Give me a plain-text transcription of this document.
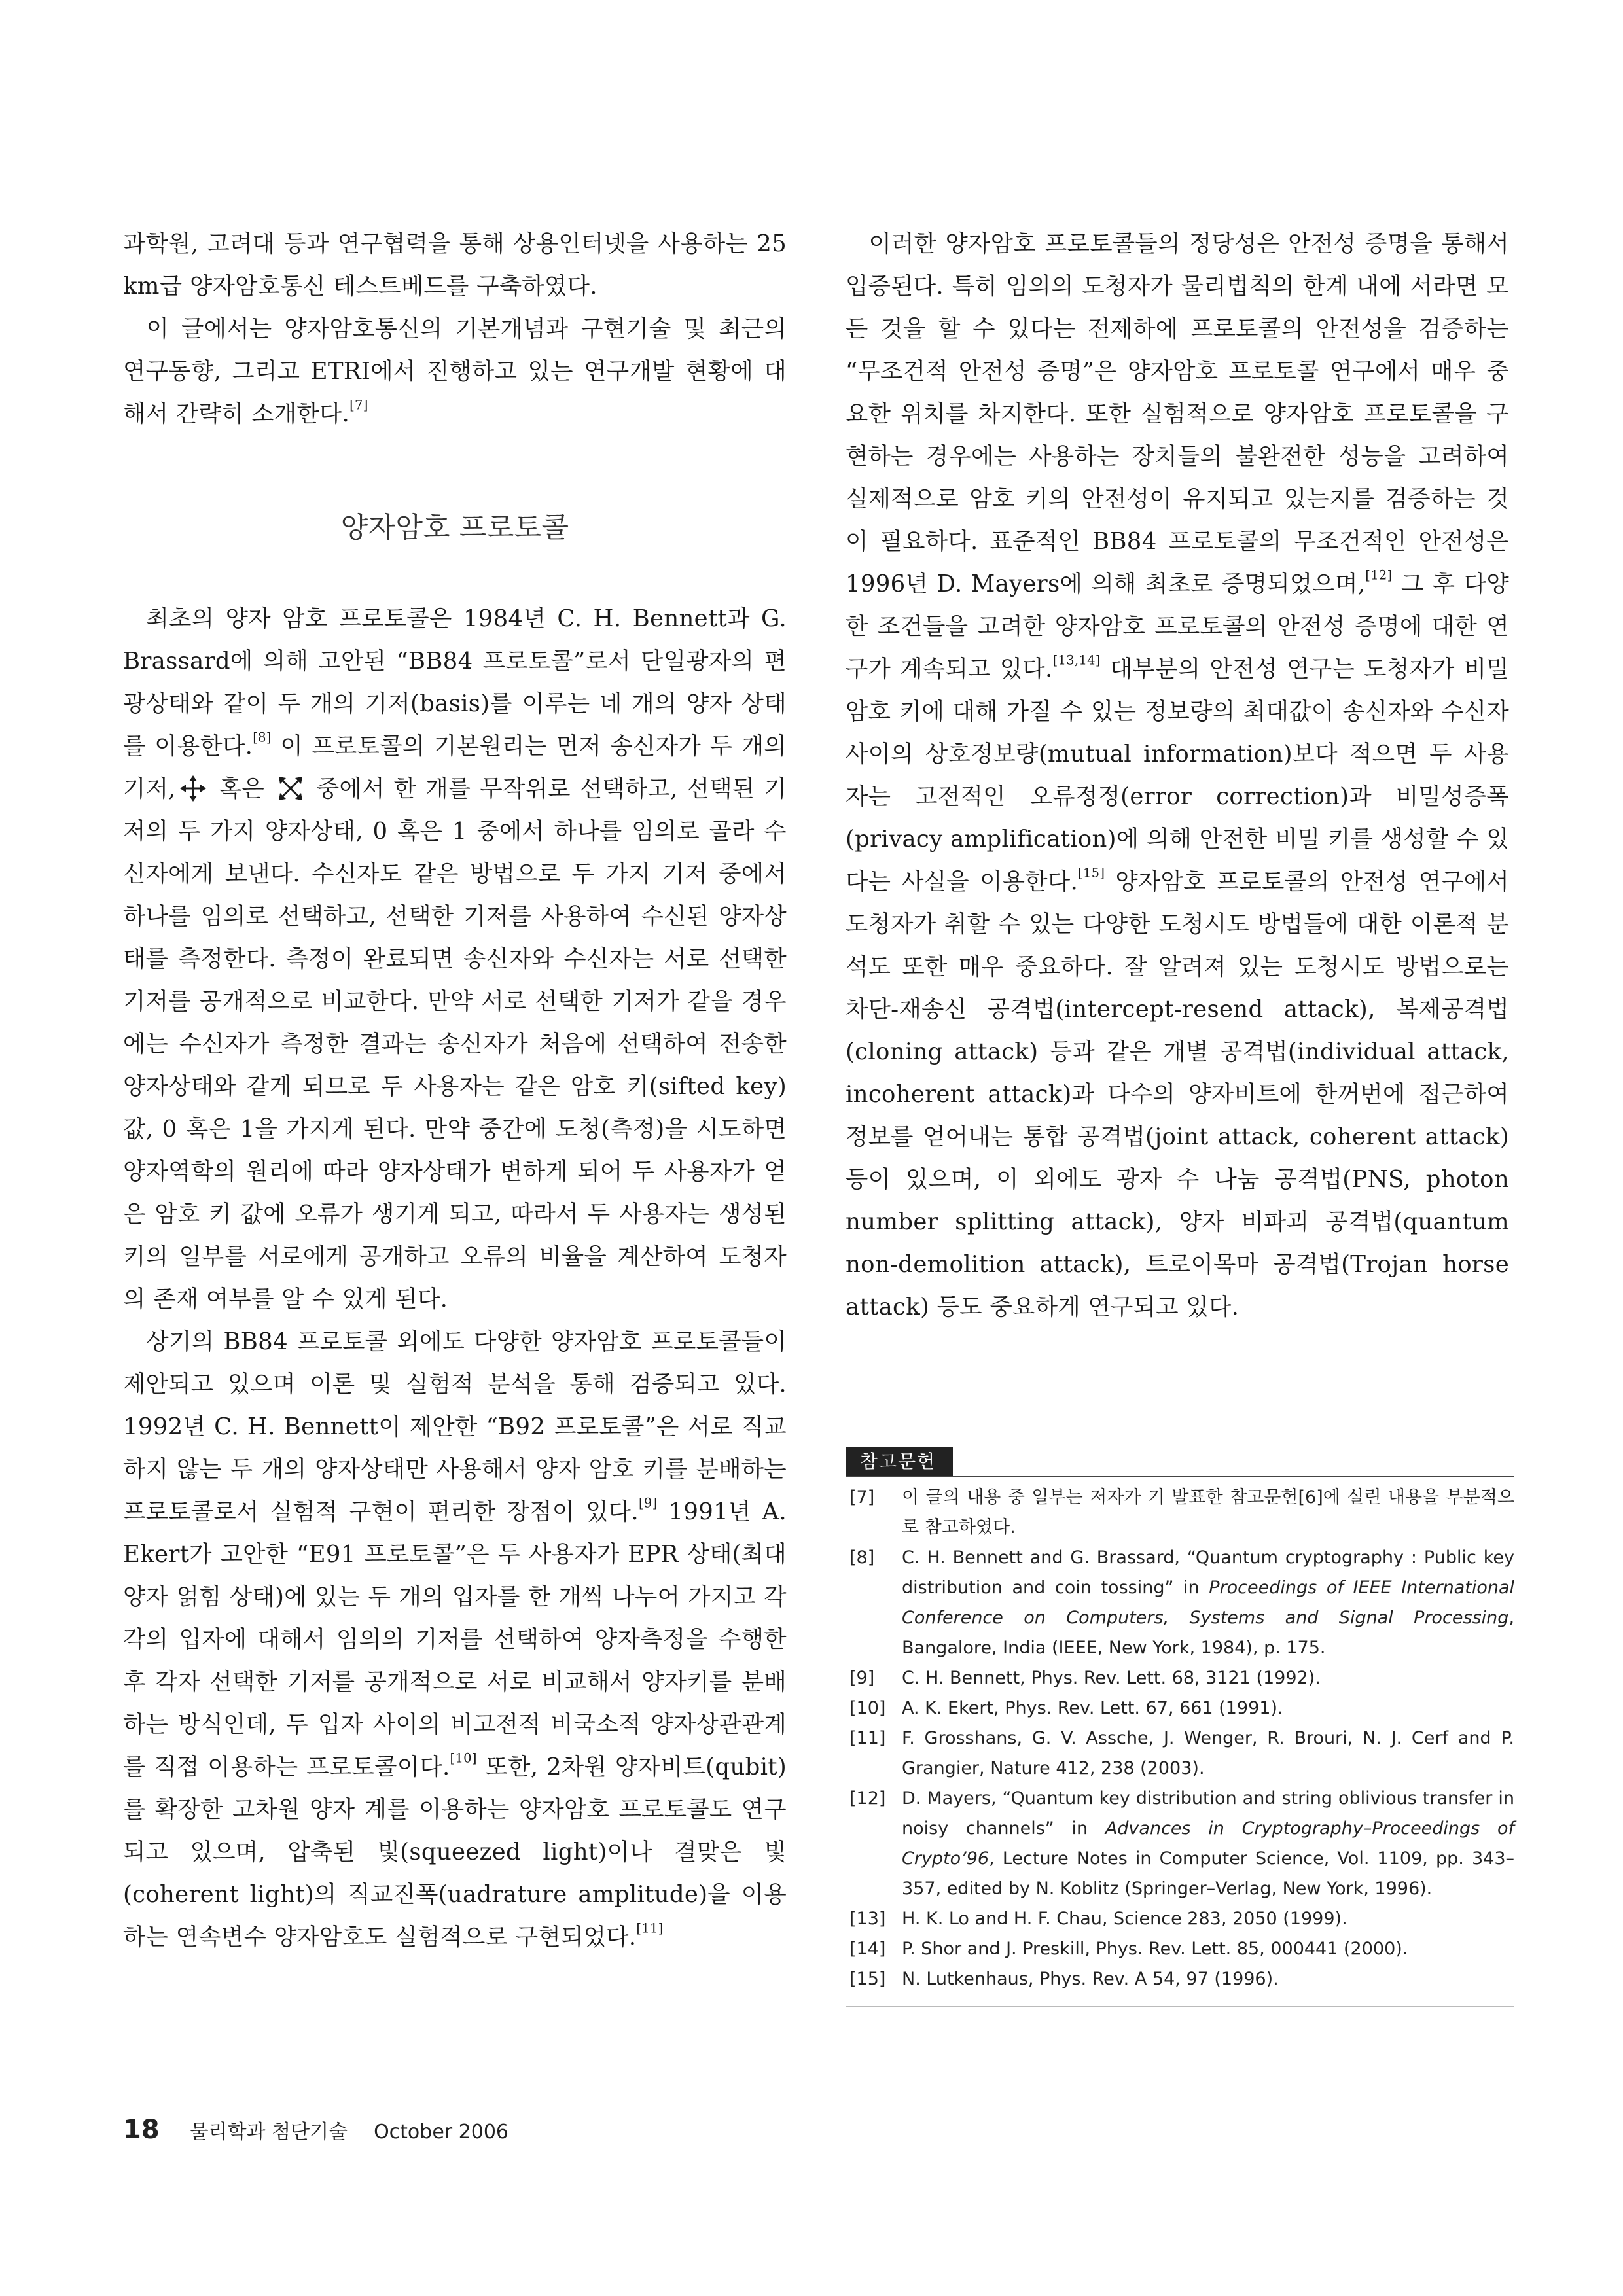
과학원, 고려대 등과 연구협력을 통해 상용인터넷을 사용하는 25 km급 양자암호통신 테스트베드를 구축하였다.

이 글에서는 양자암호통신의 기본개념과 구현기술 및 최근의 연구동향, 그리고 ETRI에서 진행하고 있는 연구개발 현황에 대해서 간략히 소개한다.[7]

양자암호 프로토콜

최초의 양자 암호 프로토콜은 1984년 C. H. Bennett과 G. Brassard에 의해 고안된 “BB84 프로토콜”로서 단일광자의 편광상태와 같이 두 개의 기저(basis)를 이루는 네 개의 양자 상태를 이용한다.[8] 이 프로토콜의 기본원리는 먼저 송신자가 두 개의 기저, 혹은  중에서 한 개를 무작위로 선택하고, 선택된 기저의 두 가지 양자상태, 0 혹은 1 중에서 하나를 임의로 골라 수신자에게 보낸다. 수신자도 같은 방법으로 두 가지 기저 중에서 하나를 임의로 선택하고, 선택한 기저를 사용하여 수신된 양자상태를 측정한다. 측정이 완료되면 송신자와 수신자는 서로 선택한 기저를 공개적으로 비교한다. 만약 서로 선택한 기저가 같을 경우에는 수신자가 측정한 결과는 송신자가 처음에 선택하여 전송한 양자상태와 같게 되므로 두 사용자는 같은 암호 키(sifted key) 값, 0 혹은 1을 가지게 된다. 만약 중간에 도청(측정)을 시도하면 양자역학의 원리에 따라 양자상태가 변하게 되어 두 사용자가 얻은 암호 키 값에 오류가 생기게 되고, 따라서 두 사용자는 생성된 키의 일부를 서로에게 공개하고 오류의 비율을 계산하여 도청자의 존재 여부를 알 수 있게 된다.

상기의 BB84 프로토콜 외에도 다양한 양자암호 프로토콜들이 제안되고 있으며 이론 및 실험적 분석을 통해 검증되고 있다. 1992년 C. H. Bennett이 제안한 “B92 프로토콜”은 서로 직교하지 않는 두 개의 양자상태만 사용해서 양자 암호 키를 분배하는 프로토콜로서 실험적 구현이 편리한 장점이 있다.[9] 1991년 A. Ekert가 고안한 “E91 프로토콜”은 두 사용자가 EPR 상태(최대 양자 얽힘 상태)에 있는 두 개의 입자를 한 개씩 나누어 가지고 각각의 입자에 대해서 임의의 기저를 선택하여 양자측정을 수행한 후 각자 선택한 기저를 공개적으로 서로 비교해서 양자키를 분배하는 방식인데, 두 입자 사이의 비고전적 비국소적 양자상관관계를 직접 이용하는 프로토콜이다.[10] 또한, 2차원 양자비트(qubit)를 확장한 고차원 양자 계를 이용하는 양자암호 프로토콜도 연구되고 있으며, 압축된 빛(squeezed light)이나 결맞은 빛(coherent light)의 직교진폭(uadrature amplitude)을 이용하는 연속변수 양자암호도 실험적으로 구현되었다.[11]

이러한 양자암호 프로토콜들의 정당성은 안전성 증명을 통해서 입증된다. 특히 임의의 도청자가 물리법칙의 한계 내에 서라면 모든 것을 할 수 있다는 전제하에 프로토콜의 안전성을 검증하는 “무조건적 안전성 증명”은 양자암호 프로토콜 연구에서 매우 중요한 위치를 차지한다. 또한 실험적으로 양자암호 프로토콜을 구현하는 경우에는 사용하는 장치들의 불완전한 성능을 고려하여 실제적으로 암호 키의 안전성이 유지되고 있는지를 검증하는 것이 필요하다. 표준적인 BB84 프로토콜의 무조건적인 안전성은 1996년 D. Mayers에 의해 최초로 증명되었으며,[12] 그 후 다양한 조건들을 고려한 양자암호 프로토콜의 안전성 증명에 대한 연구가 계속되고 있다.[13,14] 대부분의 안전성 연구는 도청자가 비밀 암호 키에 대해 가질 수 있는 정보량의 최대값이 송신자와 수신자 사이의 상호정보량(mutual information)보다 적으면 두 사용자는 고전적인 오류정정(error correction)과 비밀성증폭(privacy amplification)에 의해 안전한 비밀 키를 생성할 수 있다는 사실을 이용한다.[15] 양자암호 프로토콜의 안전성 연구에서 도청자가 취할 수 있는 다양한 도청시도 방법들에 대한 이론적 분석도 또한 매우 중요하다. 잘 알려져 있는 도청시도 방법으로는 차단-재송신 공격법(intercept-resend attack), 복제공격법(cloning attack) 등과 같은 개별 공격법(individual attack, incoherent attack)과 다수의 양자비트에 한꺼번에 접근하여 정보를 얻어내는 통합 공격법(joint attack, coherent attack) 등이 있으며, 이 외에도 광자 수 나눔 공격법(PNS, photon number splitting attack), 양자 비파괴 공격법(quantum non-demolition attack), 트로이목마 공격법(Trojan horse attack) 등도 중요하게 연구되고 있다.

참고문헌
[7] 이 글의 내용 중 일부는 저자가 기 발표한 참고문헌[6]에 실린 내용을 부분적으로 참고하였다.
[8] C. H. Bennett and G. Brassard, “Quantum cryptography : Public key distribution and coin tossing” in Proceedings of IEEE International Conference on Computers, Systems and Signal Processing, Bangalore, India (IEEE, New York, 1984), p. 175.
[9] C. H. Bennett, Phys. Rev. Lett. 68, 3121 (1992).
[10] A. K. Ekert, Phys. Rev. Lett. 67, 661 (1991).
[11] F. Grosshans, G. V. Assche, J. Wenger, R. Brouri, N. J. Cerf and P. Grangier, Nature 412, 238 (2003).
[12] D. Mayers, “Quantum key distribution and string oblivious transfer in noisy channels” in Advances in Cryptography–Proceedings of Crypto’96, Lecture Notes in Computer Science, Vol. 1109, pp. 343–357, edited by N. Koblitz (Springer–Verlag, New York, 1996).
[13] H. K. Lo and H. F. Chau, Science 283, 2050 (1999).
[14] P. Shor and J. Preskill, Phys. Rev. Lett. 85, 000441 (2000).
[15] N. Lutkenhaus, Phys. Rev. A 54, 97 (1996).
18 물리학과 첨단기술 October 2006
